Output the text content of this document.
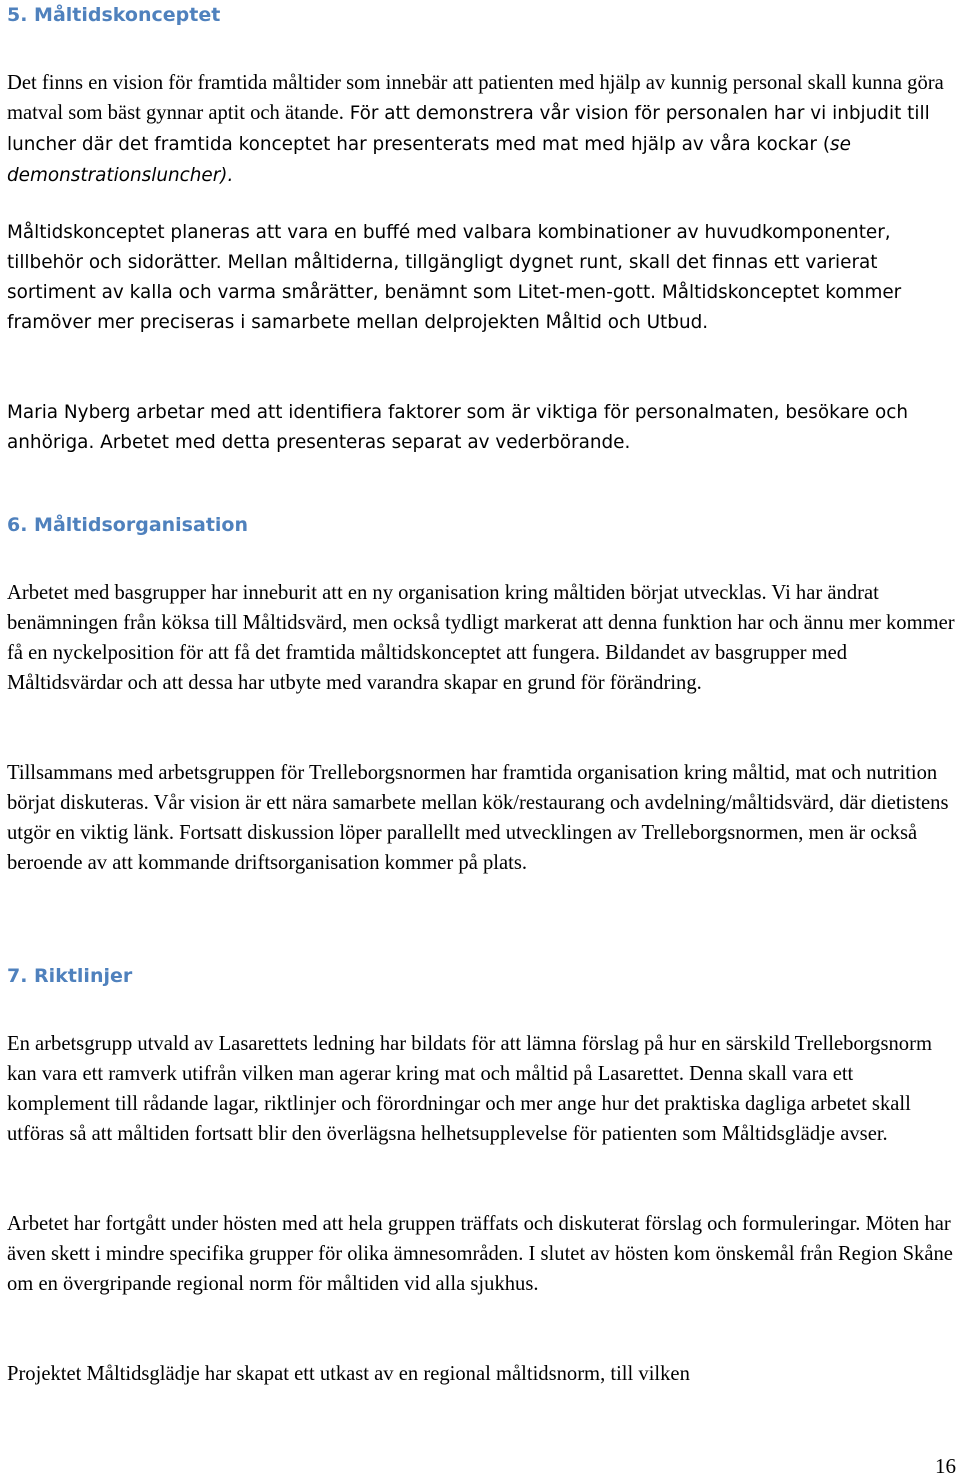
5. Måltidskonceptet

Det finns en vision för framtida måltider som innebär att patienten med hjälp av kunnig personal skall kunna göra matval som bäst gynnar aptit och ätande. För att demonstrera vår vision för personalen har vi inbjudit till luncher där det framtida konceptet har presenterats med mat med hjälp av våra kockar (se demonstrationsluncher).

Måltidskonceptet planeras att vara en buffé med valbara kombinationer av huvudkomponenter, tillbehör och sidorätter. Mellan måltiderna, tillgängligt dygnet runt, skall det finnas ett varierat sortiment av kalla och varma smårätter, benämnt som Litet-men-gott. Måltidskonceptet kommer framöver mer preciseras i samarbete mellan delprojekten Måltid och Utbud.

Maria Nyberg arbetar med att identifiera faktorer som är viktiga för personalmaten, besökare och anhöriga. Arbetet med detta presenteras separat av vederbörande.

6. Måltidsorganisation

Arbetet med basgrupper har inneburit att en ny organisation kring måltiden börjat utvecklas. Vi har ändrat benämningen från köksa till Måltidsvärd, men också tydligt markerat att denna funktion har och ännu mer kommer få en nyckelposition för att få det framtida måltidskonceptet att fungera. Bildandet av basgrupper med Måltidsvärdar och att dessa har utbyte med varandra skapar en grund för förändring.

Tillsammans med arbetsgruppen för Trelleborgsnormen har framtida organisation kring måltid, mat och nutrition börjat diskuteras. Vår vision är ett nära samarbete mellan kök/restaurang och avdelning/måltidsvärd, där dietistens utgör en viktig länk. Fortsatt diskussion löper parallellt med utvecklingen av Trelleborgsnormen, men är också beroende av att kommande driftsorganisation kommer på plats.

7. Riktlinjer

En arbetsgrupp utvald av Lasarettets ledning har bildats för att lämna förslag på hur en särskild Trelleborgsnorm kan vara ett ramverk utifrån vilken man agerar kring mat och måltid på Lasarettet. Denna skall vara ett komplement till rådande lagar, riktlinjer och förordningar och mer ange hur det praktiska dagliga arbetet skall utföras så att måltiden fortsatt blir den överlägsna helhetsupplevelse för patienten som Måltidsglädje avser.

Arbetet har fortgått under hösten med att hela gruppen träffats och diskuterat förslag och formuleringar. Möten har även skett i mindre specifika grupper för olika ämnesområden. I slutet av hösten kom önskemål från Region Skåne om en övergripande regional norm för måltiden vid alla sjukhus.

Projektet Måltidsglädje har skapat ett utkast av en regional måltidsnorm, till vilken

16
